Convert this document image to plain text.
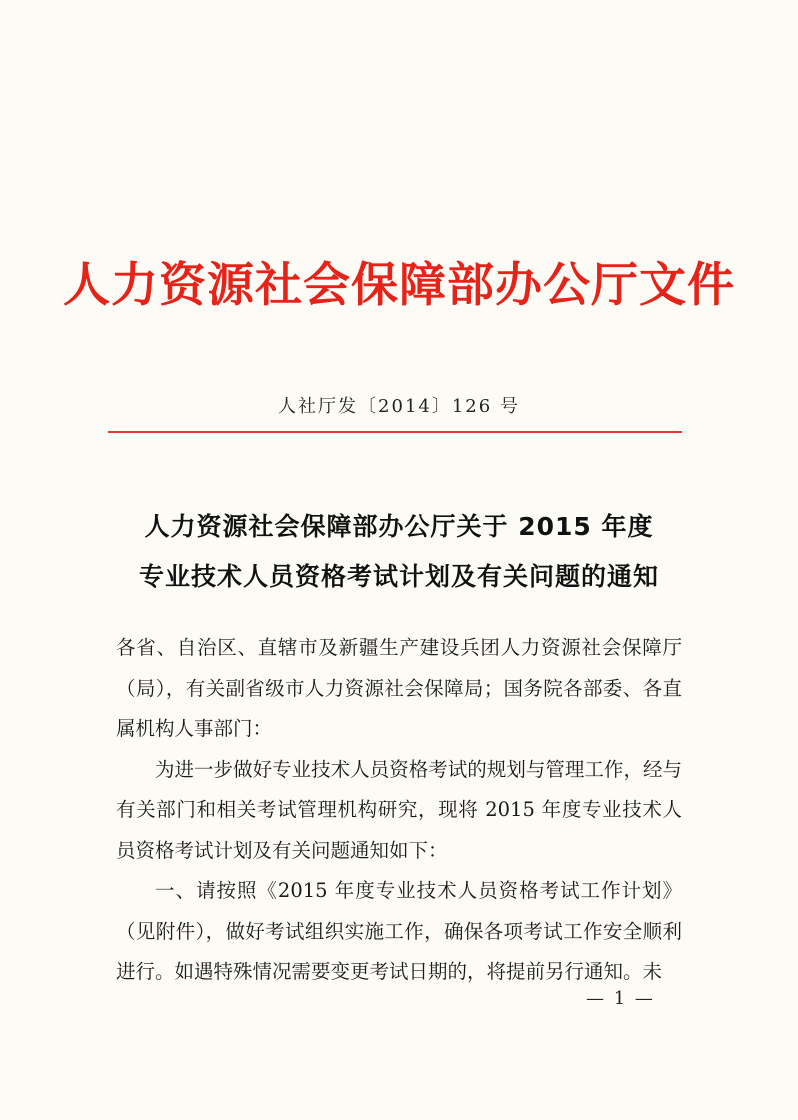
人力资源社会保障部办公厅文件
人社厅发〔2014〕126 号
人力资源社会保障部办公厅关于 2015 年度
专业技术人员资格考试计划及有关问题的通知

各省、自治区、直辖市及新疆生产建设兵团人力资源社会保障厅（局），有关副省级市人力资源社会保障局；国务院各部委、各直属机构人事部门：

为进一步做好专业技术人员资格考试的规划与管理工作，经与有关部门和相关考试管理机构研究，现将 2015 年度专业技术人员资格考试计划及有关问题通知如下：

一、请按照《2015 年度专业技术人员资格考试工作计划》（见附件），做好考试组织实施工作，确保各项考试工作安全顺利进行。如遇特殊情况需要变更考试日期的，将提前另行通知。未

— 1 —
